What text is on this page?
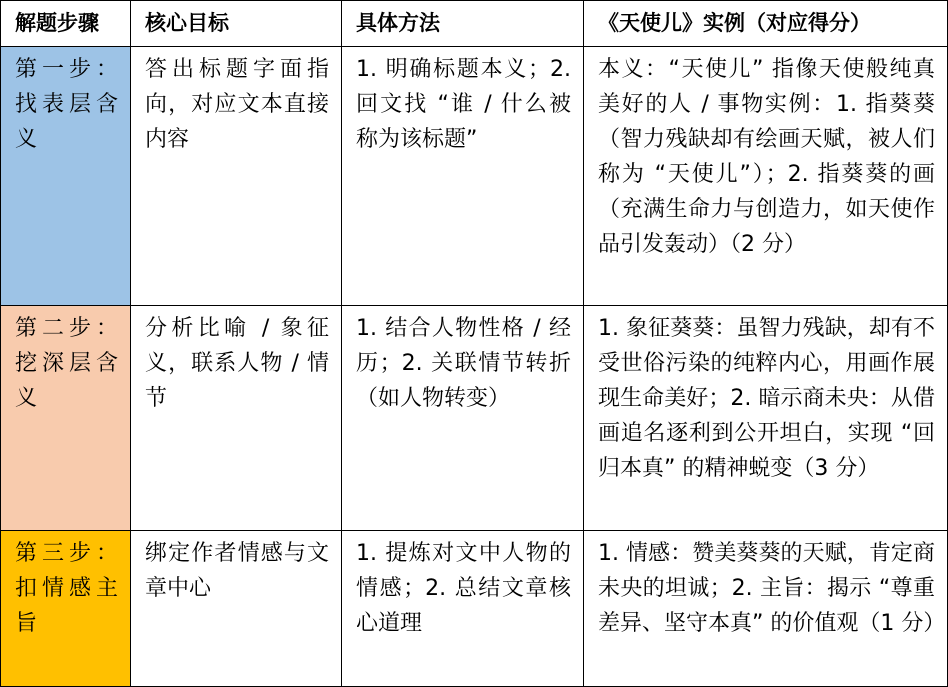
解题步骤	核心目标	具体方法	《天使儿》实例（对应得分）
第一步：找表层含义	答出标题字面指向，对应文本直接内容	1. 明确标题本义；2. 回文找 “谁 / 什么被称为该标题”	本义：“天使儿” 指像天使般纯真美好的人 / 事物实例：1. 指葵葵（智力残缺却有绘画天赋，被人们称为 “天使儿”）；2. 指葵葵的画（充满生命力与创造力，如天使作品引发轰动）（2 分）
第二步：挖深层含义	分析比喻 / 象征义，联系人物 / 情节	1. 结合人物性格 / 经历；2. 关联情节转折（如人物转变）	1. 象征葵葵：虽智力残缺，却有不受世俗污染的纯粹内心，用画作展现生命美好；2. 暗示商未央：从借画追名逐利到公开坦白，实现 “回归本真” 的精神蜕变（3 分）
第三步：扣情感主旨	绑定作者情感与文章中心	1. 提炼对文中人物的情感；2. 总结文章核心道理	1. 情感：赞美葵葵的天赋，肯定商未央的坦诚；2. 主旨：揭示 “尊重差异、坚守本真” 的价值观（1 分）
